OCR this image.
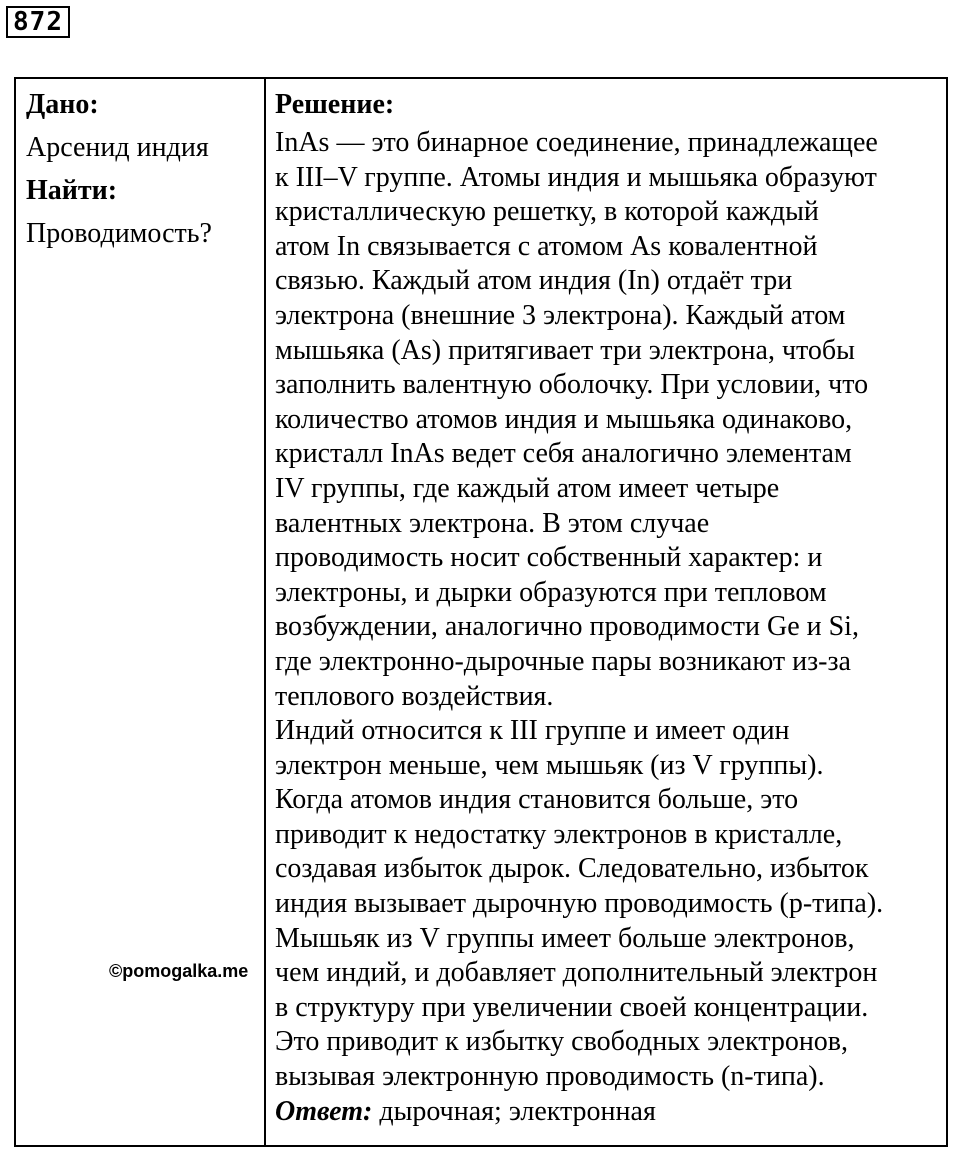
872
Дано:
Арсенид индия
Найти:
Проводимость?
Решение:
InAs — это бинарное соединение, принадлежащее
к III–V группе. Атомы индия и мышьяка образуют
кристаллическую решетку, в которой каждый
атом In связывается с атомом As ковалентной
связью. Каждый атом индия (In) отдаёт три
электрона (внешние 3 электрона). Каждый атом
мышьяка (As) притягивает три электрона, чтобы
заполнить валентную оболочку. При условии, что
количество атомов индия и мышьяка одинаково,
кристалл InAs ведет себя аналогично элементам
IV группы, где каждый атом имеет четыре
валентных электрона. В этом случае
проводимость носит собственный характер: и
электроны, и дырки образуются при тепловом
возбуждении, аналогично проводимости Ge и Si,
где электронно-дырочные пары возникают из-за
теплового воздействия.
Индий относится к III группе и имеет один
электрон меньше, чем мышьяк (из V группы).
Когда атомов индия становится больше, это
приводит к недостатку электронов в кристалле,
создавая избыток дырок. Следовательно, избыток
индия вызывает дырочную проводимость (p-типа).
Мышьяк из V группы имеет больше электронов,
чем индий, и добавляет дополнительный электрон
в структуру при увеличении своей концентрации.
Это приводит к избытку свободных электронов,
вызывая электронную проводимость (n-типа).
Ответ: дырочная; электронная
©pomogalka.me
